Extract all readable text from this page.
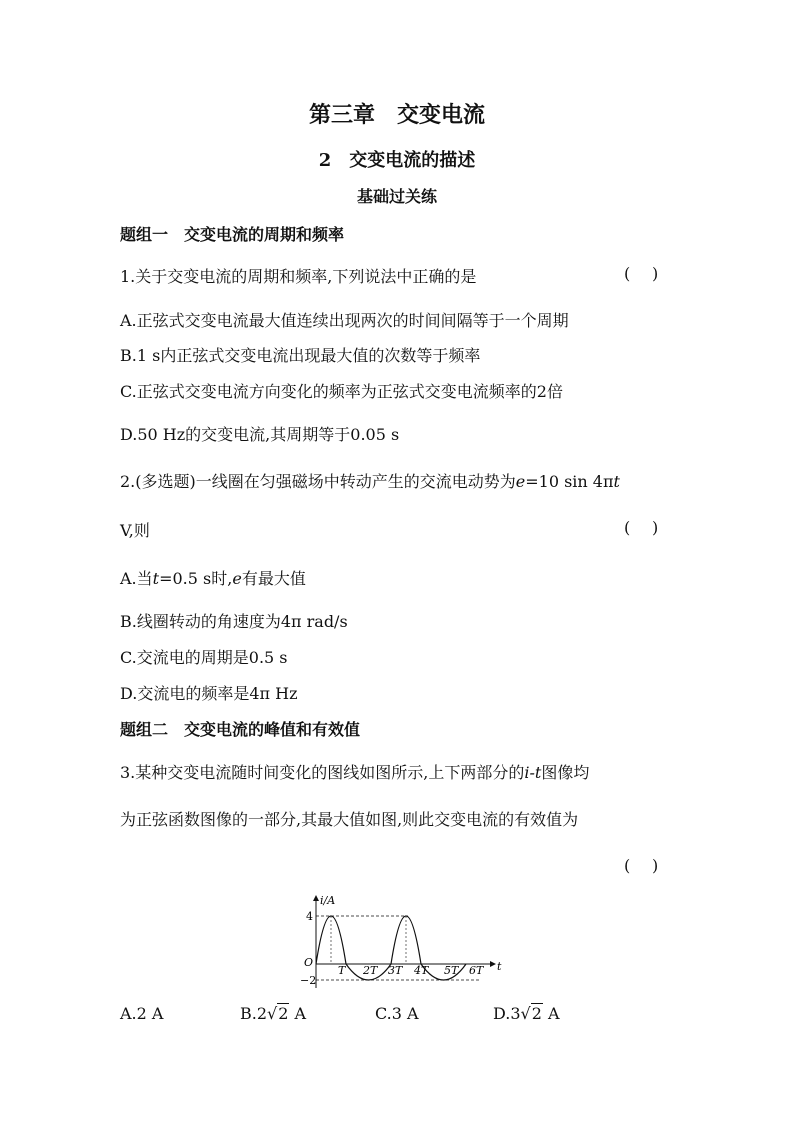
第三章　交变电流
2　交变电流的描述
基础过关练
题组一　交变电流的周期和频率
1.关于交变电流的周期和频率,下列说法中正确的是	( )
A.正弦式交变电流最大值连续出现两次的时间间隔等于一个周期
B.1 s内正弦式交变电流出现最大值的次数等于频率
C.正弦式交变电流方向变化的频率为正弦式交变电流频率的2倍
D.50 Hz的交变电流,其周期等于0.05 s
2.(多选题)一线圈在匀强磁场中转动产生的交流电动势为e=10 sin 4πt
V,则	( )
A.当t=0.5 s时,e有最大值
B.线圈转动的角速度为4π rad/s
C.交流电的周期是0.5 s
D.交流电的频率是4π Hz
题组二　交变电流的峰值和有效值
3.某种交变电流随时间变化的图线如图所示,上下两部分的i-t图像均
为正弦函数图像的一部分,其最大值如图,则此交变电流的有效值为
( )
i/A
t
O
4
−2
T 2T 3T 4T 5T 6T
A.2 A	B.2√2 A	C.3 A	D.3√2 A
